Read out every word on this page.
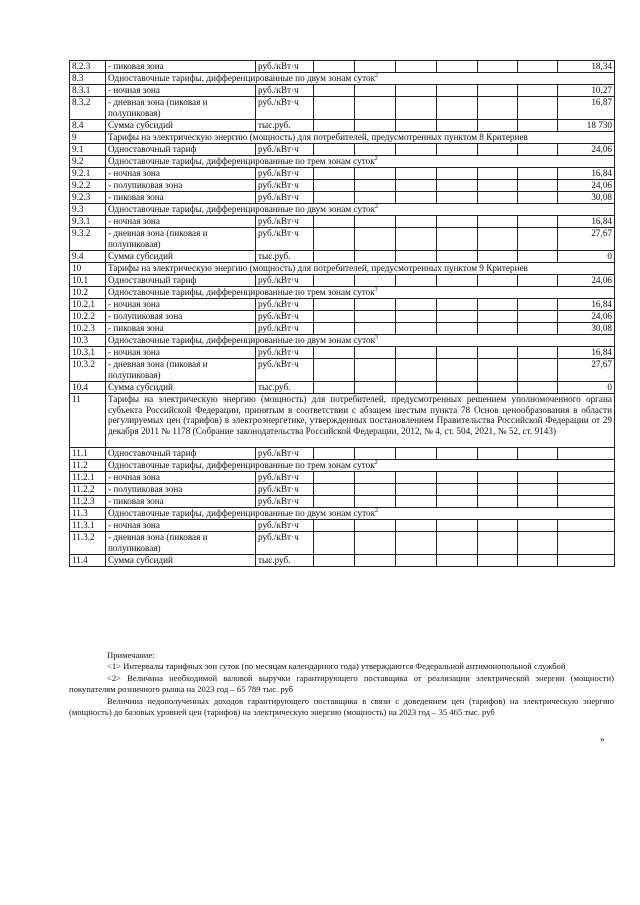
8.2.3	- пиковая зона	руб./кВт·ч							18,34
8.3	Одноставочные тарифы, дифференцированные по двум зонам суток$^2$
8.3.1	- ночная зона	руб./кВт·ч							10,27
8.3.2	- дневная зона (пиковая и полупиковая)	руб./кВт·ч							16,87
8.4	Сумма субсидий	тыс.руб.							18 730
9	Тарифы на электрическую энергию (мощность) для потребителей, предусмотренных пунктом 8 Критериев								
9.1	Одноставочный тариф	руб./кВт·ч							24,06
9.2	Одноставочные тарифы, дифференцированные по трем зонам суток$^2$
9.2.1	- ночная зона	руб./кВт·ч							16,84
9.2.2	- полупиковая зона	руб./кВт·ч							24,06
9.2.3	- пиковая зона	руб./кВт·ч							30,08
9.3	Одноставочные тарифы, дифференцированные по двум зонам суток$^2$
9.3.1	- ночная зона	руб./кВт·ч							16,84
9.3.2	- дневная зона (пиковая и полупиковая)	руб./кВт·ч							27,67
9.4	Сумма субсидий	тыс.руб.							0
10	Тарифы на электрическую энергию (мощность) для потребителей, предусмотренных пунктом 9 Критериев								
10.1	Одноставочный тариф	руб./кВт·ч							24,06
10.2	Одноставочные тарифы, дифференцированные по трем зонам суток$^3$
10.2.1	- ночная зона	руб./кВт·ч							16,84
10.2.2	- полупиковая зона	руб./кВт·ч							24,06
10.2.3	- пиковая зона	руб./кВт·ч							30,08
10.3	Одноставочные тарифы, дифференцированные по двум зонам суток$^3$
10.3.1	- ночная зона	руб./кВт·ч							16,84
10.3.2	- дневная зона (пиковая и полупиковая)	руб./кВт·ч							27,67
10.4	Сумма субсидий	тыс.руб.							0
11	Тарифы на электрическую энергию (мощность) для потребителей, предусмотренных решением уполномоченного органа субъекта Российской Федерации, принятым в соответствии с абзацем шестым пункта 78 Основ ценообразования в области регулируемых цен (тарифов) в электроэнергетике, утвержденных постановлением Правительства Российской Федерации от 29 декабря 2011 № 1178 (Собрание законодательства Российской Федерации, 2012, № 4, ст. 504, 2021, № 52, ст. 9143)								
11.1	Одноставочный тариф	руб./кВт·ч							
11.2	Одноставочные тарифы, дифференцированные по трем зонам суток$^2$
11.2.1	- ночная зона	руб./кВт·ч							
11.2.2	- полупиковая зона	руб./кВт·ч							
11.2.3	- пиковая зона	руб./кВт·ч							
11.3	Одноставочные тарифы, дифференцированные по двум зонам суток$^2$
11.3.1	- ночная зона	руб./кВт·ч							
11.3.2	- дневная зона (пиковая и полупиковая)	руб./кВт·ч							
11.4	Сумма субсидий	тыс.руб.							

Примечание:

<1> Интервалы тарифных зон суток (по месяцам календарного года) утверждаются Федеральной антимонопольной службой

<2> Величина необходимой валовой выручки гарантирующего поставщика от реализации электрической энергии (мощности) покупателям розничного рынка на 2023 год – 65 789 тыс. руб

Величина недополученных доходов гарантирующего поставщика в связи с доведением цен (тарифов) на электрическую энергию (мощность) до базовых уровней цен (тарифов) на электрическую энергию (мощность) на 2023 год – 35 465 тыс. руб

»
